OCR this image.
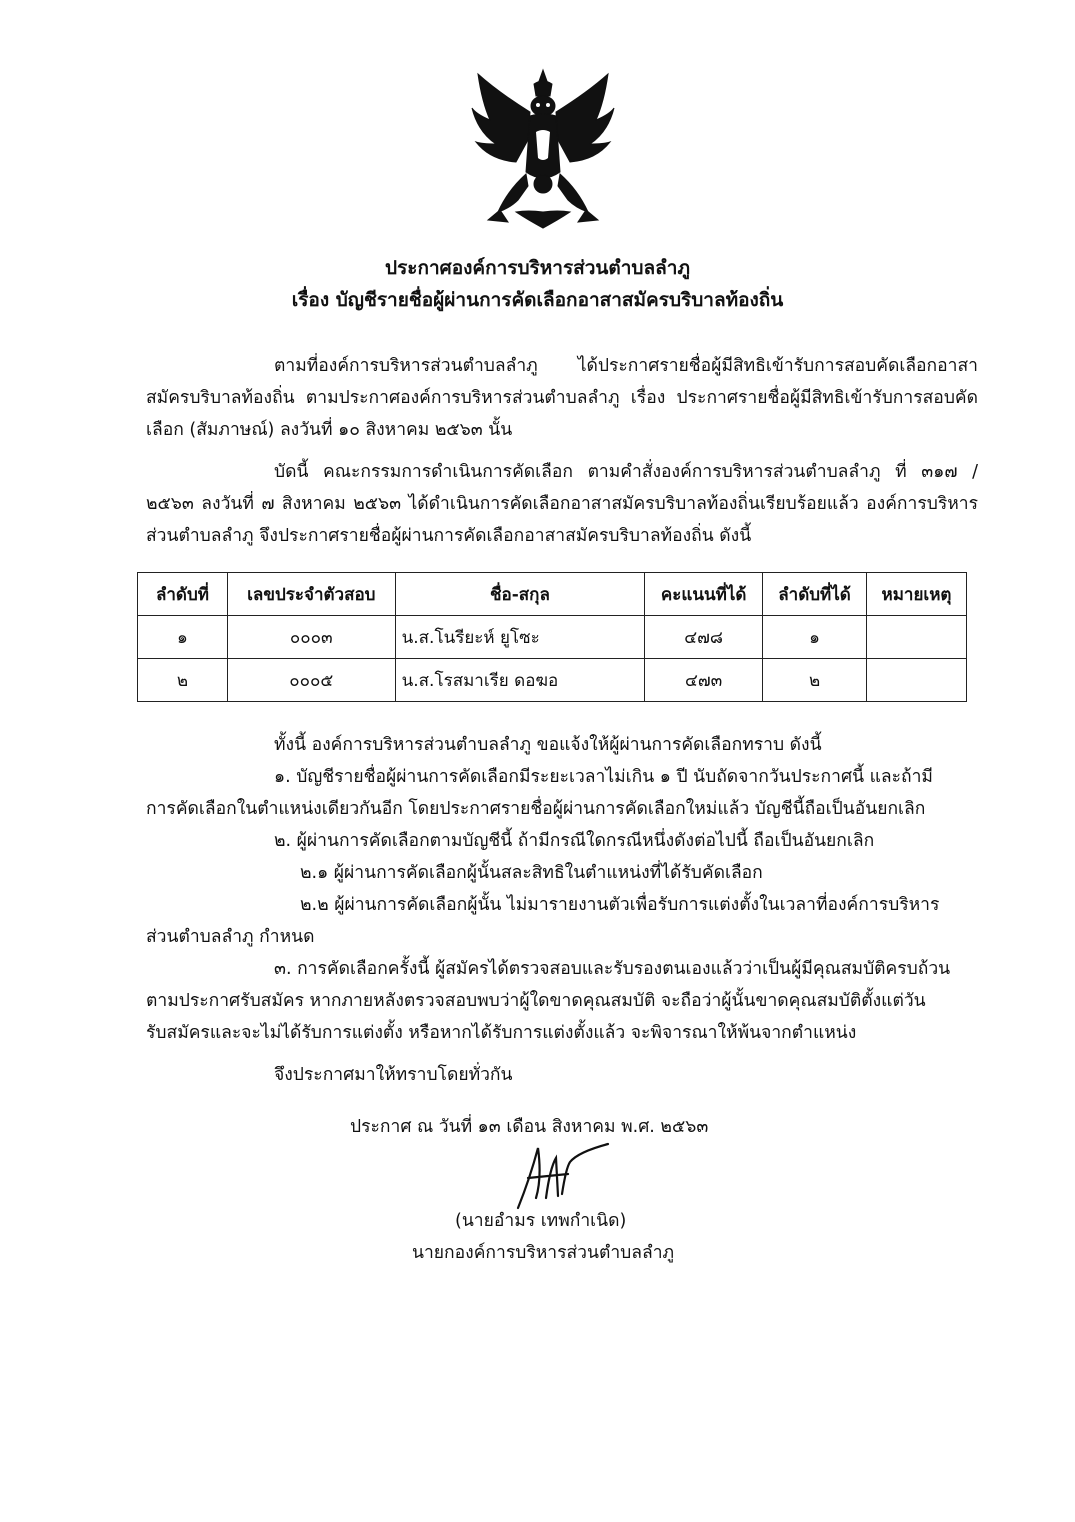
ประกาศองค์การบริหารส่วนตำบลลำภู
เรื่อง บัญชีรายชื่อผู้ผ่านการคัดเลือกอาสาสมัครบริบาลท้องถิ่น
ตามที่องค์การบริหารส่วนตำบลลำภู ได้ประกาศรายชื่อผู้มีสิทธิเข้ารับการสอบคัดเลือกอาสาสมัครบริบาลท้องถิ่น ตามประกาศองค์การบริหารส่วนตำบลลำภู เรื่อง ประกาศรายชื่อผู้มีสิทธิเข้ารับการสอบคัดเลือก (สัมภาษณ์) ลงวันที่ ๑๐ สิงหาคม ๒๕๖๓ นั้น
บัดนี้ คณะกรรมการดำเนินการคัดเลือก ตามคำสั่งองค์การบริหารส่วนตำบลลำภู ที่ ๓๑๗ /๒๕๖๓ ลงวันที่ ๗ สิงหาคม ๒๕๖๓ ได้ดำเนินการคัดเลือกอาสาสมัครบริบาลท้องถิ่นเรียบร้อยแล้ว องค์การบริหารส่วนตำบลลำภู จึงประกาศรายชื่อผู้ผ่านการคัดเลือกอาสาสมัครบริบาลท้องถิ่น ดังนี้
ลำดับที่	เลขประจำตัวสอบ	ชื่อ-สกุล	คะแนนที่ได้	ลำดับที่ได้	หมายเหตุ
๑	๐๐๐๓	น.ส.โนรียะห์ ยูโซะ	๔๗๘	๑	
๒	๐๐๐๕	น.ส.โรสมาเรีย ดอฆอ	๔๗๓	๒	
ทั้งนี้ องค์การบริหารส่วนตำบลลำภู ขอแจ้งให้ผู้ผ่านการคัดเลือกทราบ ดังนี้
๑. บัญชีรายชื่อผู้ผ่านการคัดเลือกมีระยะเวลาไม่เกิน ๑ ปี นับถัดจากวันประกาศนี้ และถ้ามี
การคัดเลือกในตำแหน่งเดียวกันอีก โดยประกาศรายชื่อผู้ผ่านการคัดเลือกใหม่แล้ว บัญชีนี้ถือเป็นอันยกเลิก
๒. ผู้ผ่านการคัดเลือกตามบัญชีนี้ ถ้ามีกรณีใดกรณีหนึ่งดังต่อไปนี้ ถือเป็นอันยกเลิก
๒.๑ ผู้ผ่านการคัดเลือกผู้นั้นสละสิทธิในตำแหน่งที่ได้รับคัดเลือก
๒.๒ ผู้ผ่านการคัดเลือกผู้นั้น ไม่มารายงานตัวเพื่อรับการแต่งตั้งในเวลาที่องค์การบริหาร
ส่วนตำบลลำภู กำหนด
๓. การคัดเลือกครั้งนี้ ผู้สมัครได้ตรวจสอบและรับรองตนเองแล้วว่าเป็นผู้มีคุณสมบัติครบถ้วน
ตามประกาศรับสมัคร หากภายหลังตรวจสอบพบว่าผู้ใดขาดคุณสมบัติ จะถือว่าผู้นั้นขาดคุณสมบัติตั้งแต่วัน
รับสมัครและจะไม่ได้รับการแต่งตั้ง หรือหากได้รับการแต่งตั้งแล้ว จะพิจารณาให้พ้นจากตำแหน่ง
จึงประกาศมาให้ทราบโดยทั่วกัน
ประกาศ ณ วันที่ ๑๓ เดือน สิงหาคม พ.ศ. ๒๕๖๓
(นายอำมร เทพกำเนิด)
นายกองค์การบริหารส่วนตำบลลำภู
